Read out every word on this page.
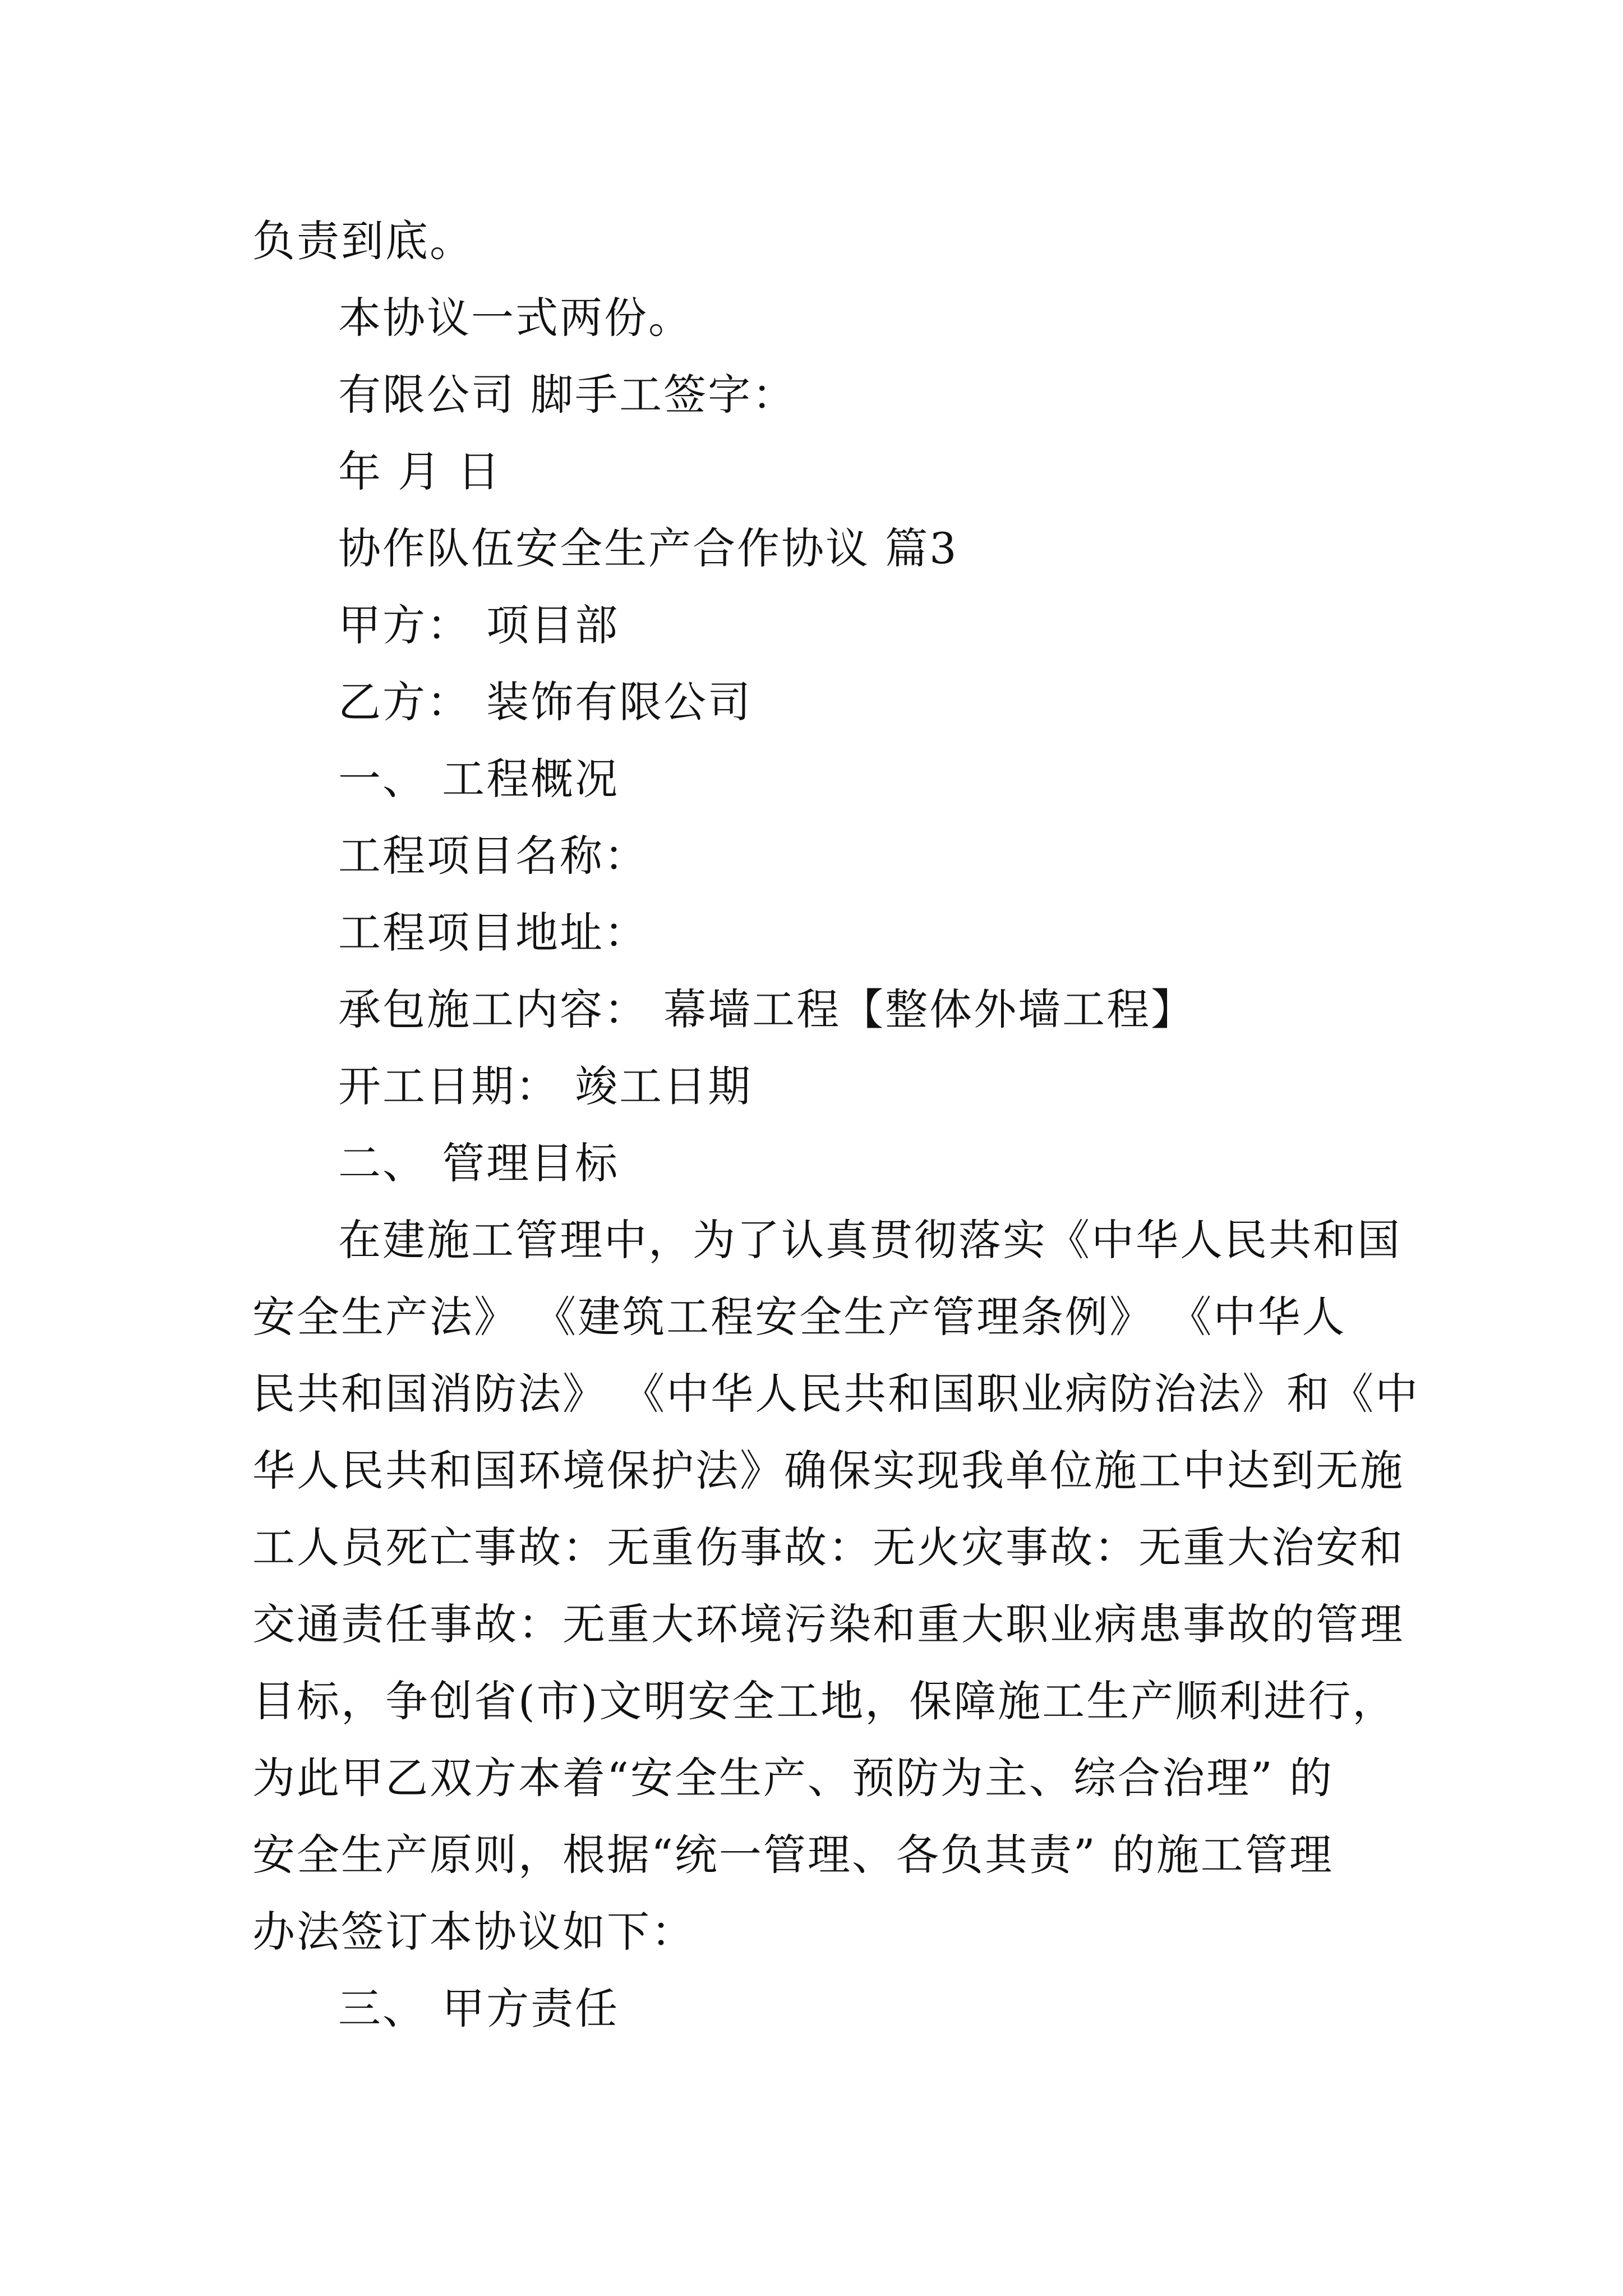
负责到底。
本协议一式两份。
有限公司 脚手工签字：
年 月 日
协作队伍安全生产合作协议 篇3
甲方： 项目部
乙方： 装饰有限公司
一、 工程概况
工程项目名称：
工程项目地址：
承包施工内容： 幕墙工程【整体外墙工程】
开工日期： 竣工日期
二、 管理目标
在建施工管理中，为了认真贯彻落实《中华人民共和国
安全生产法》 《建筑工程安全生产管理条例》 《中华人
民共和国消防法》 《中华人民共和国职业病防治法》和《中
华人民共和国环境保护法》确保实现我单位施工中达到无施
工人员死亡事故：无重伤事故：无火灾事故：无重大治安和
交通责任事故：无重大环境污染和重大职业病患事故的管理
目标，争创省(市)文明安全工地，保障施工生产顺利进行，
为此甲乙双方本着“安全生产、预防为主、综合治理” 的
安全生产原则，根据“统一管理、各负其责” 的施工管理
办法签订本协议如下：
三、 甲方责任
